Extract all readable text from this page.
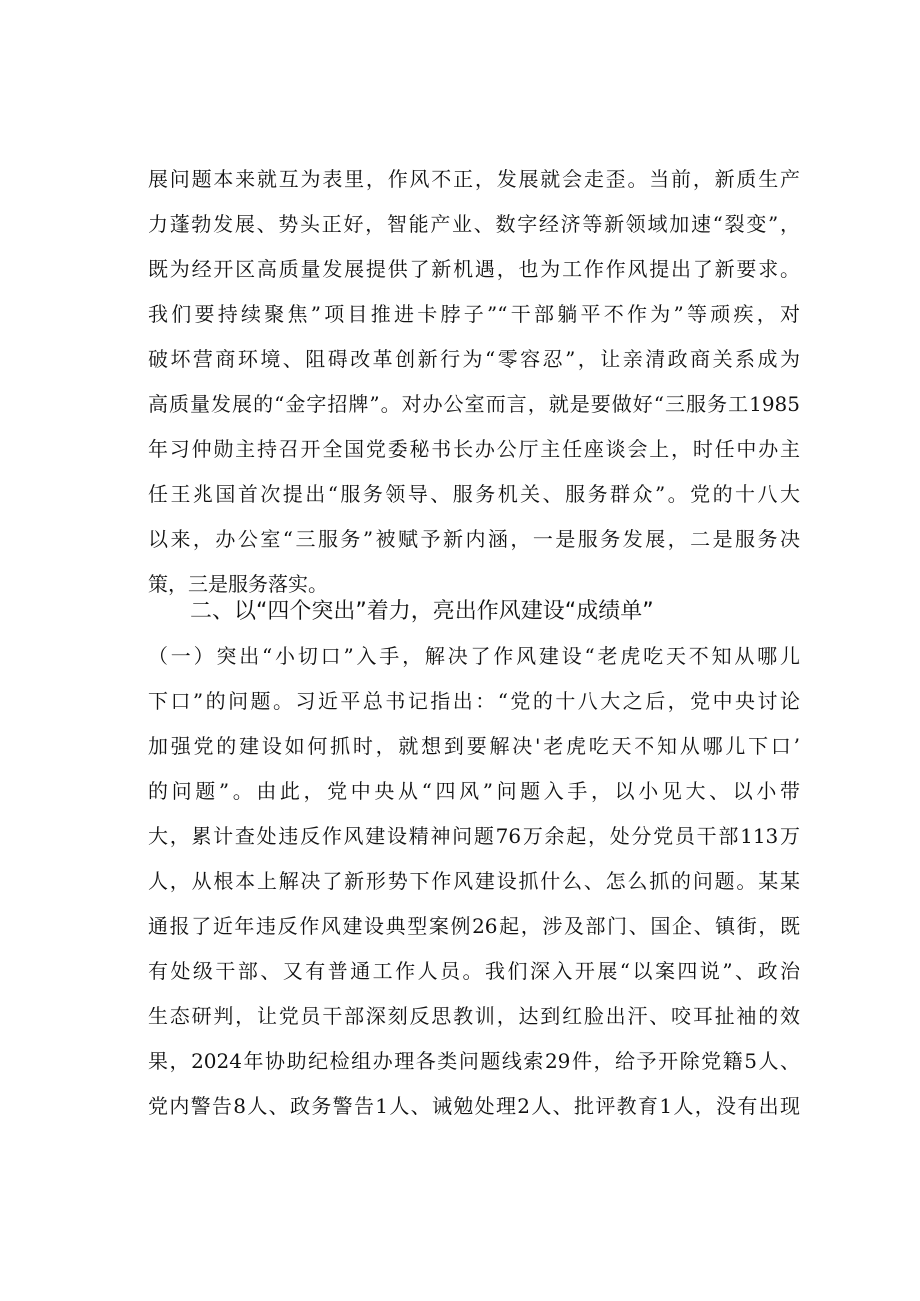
展问题本来就互为表里，作风不正，发展就会走歪。当前，新质生产
力蓬勃发展、势头正好，智能产业、数字经济等新领域加速“裂变”，
既为经开区高质量发展提供了新机遇，也为工作作风提出了新要求。
我们要持续聚焦”项目推进卡脖子”“干部躺平不作为”等顽疾，对
破坏营商环境、阻碍改革创新行为“零容忍”，让亲清政商关系成为
高质量发展的“金字招牌”。对办公室而言，就是要做好“三服务工1985
年习仲勋主持召开全国党委秘书长办公厅主任座谈会上，时任中办主
任王兆国首次提出“服务领导、服务机关、服务群众”。党的十八大
以来，办公室“三服务”被赋予新内涵，一是服务发展，二是服务决
策，三是服务落实。
二、以“四个突出”着力，亮出作风建设“成绩单”
（一）突出“小切口”入手，解决了作风建设“老虎吃天不知从哪儿
下口”的问题。习近平总书记指出：“党的十八大之后，党中央讨论
加强党的建设如何抓时，就想到要解决'老虎吃天不知从哪儿下口’
的问题”。由此，党中央从“四风”问题入手，以小见大、以小带
大，累计查处违反作风建设精神问题76万余起，处分党员干部113万
人，从根本上解决了新形势下作风建设抓什么、怎么抓的问题。某某
通报了近年违反作风建设典型案例26起，涉及部门、国企、镇街，既
有处级干部、又有普通工作人员。我们深入开展“以案四说”、政治
生态研判，让党员干部深刻反思教训，达到红脸出汗、咬耳扯袖的效
果，2024年协助纪检组办理各类问题线索29件，给予开除党籍5人、
党内警告8人、政务警告1人、诫勉处理2人、批评教育1人，没有出现
